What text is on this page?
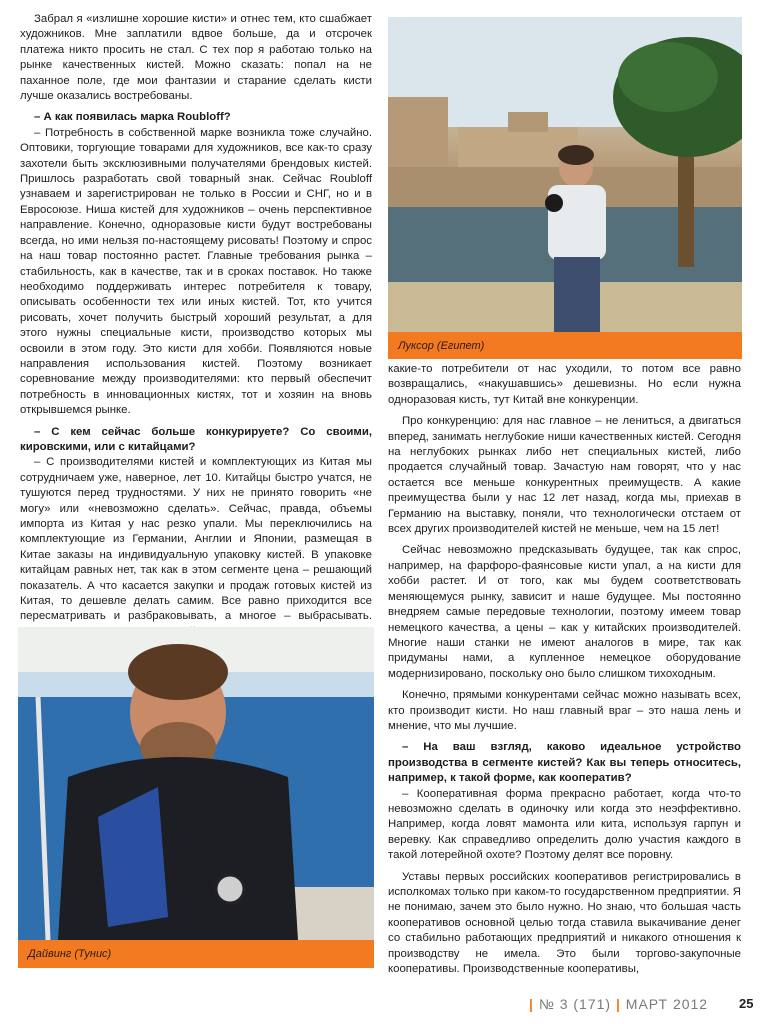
Забрал я «излишне хорошие кисти» и отнес тем, кто сшабжает художников. Мне заплатили вдвое больше, да и отсрочек платежа никто просить не стал. С тех пор я работаю только на рынке качественных кистей. Можно сказать: попал на не паханное поле, где мои фантазии и старание сделать кисти лучше оказались востребованы.

– А как появилась марка Roubloff?

– Потребность в собственной марке возникла тоже случайно. Оптовики, торгующие товарами для художников, все как-то сразу захотели быть эксклюзивными получателями брендовых кистей. Пришлось разработать свой товарный знак. Сейчас Roubloff узнаваем и зарегистрирован не только в России и СНГ, но и в Евросоюзе. Ниша кистей для художников – очень перспективное направление. Конечно, одноразовые кисти будут востребованы всегда, но ими нельзя по-настоящему рисовать! Поэтому и спрос на наш товар постоянно растет. Главные требования рынка – стабильность, как в качестве, так и в сроках поставок. Но также необходимо поддерживать интерес потребителя к товару, описывать особенности тех или иных кистей. Тот, кто учится рисовать, хочет получить быстрый хороший результат, а для этого нужны специальные кисти, производство которых мы освоили в этом году. Это кисти для хобби. Появляются новые направления использования кистей. Поэтому возникает соревнование между производителями: кто первый обеспечит потребность в инновационных кистях, тот и хозяин на вновь открывшемся рынке.

– С кем сейчас больше конкурируете? Со своими, кировскими, или с китайцами?

– С производителями кистей и комплектующих из Китая мы сотрудничаем уже, наверное, лет 10. Китайцы быстро учатся, не тушуются перед трудностями. У них не принято говорить «не могу» или «невозможно сделать». Сейчас, правда, объемы импорта из Китая у нас резко упали. Мы переключились на комплектующие из Германии, Англии и Японии, размещая в Китае заказы на индивидуальную упаковку кистей. В упаковке китайцам равных нет, так как в этом сегменте цена – решающий показатель. А что касается закупки и продаж готовых кистей из Китая, то дешевле делать самим. Все равно приходится все пересматривать и разбраковывать, а многое – выбрасывать.

Луксор (Египет)

какие-то потребители от нас уходили, то потом все равно возвращались, «накушавшись» дешевизны. Но если нужна одноразовая кисть, тут Китай вне конкуренции.

Про конкуренцию: для нас главное – не лениться, а двигаться вперед, занимать неглубокие ниши качественных кистей. Сегодня на неглубоких рынках либо нет специальных кистей, либо продается случайный товар. Зачастую нам говорят, что у нас остается все меньше конкурентных преимуществ. А какие преимущества были у нас 12 лет назад, когда мы, приехав в Германию на выставку, поняли, что технологически отстаем от всех других производителей кистей не меньше, чем на 15 лет!

Сейчас невозможно предсказывать будущее, так как спрос, например, на фарфоро-фаянсовые кисти упал, а на кисти для хобби растет. И от того, как мы будем соответствовать меняющемуся рынку, зависит и наше будущее. Мы постоянно внедряем самые передовые технологии, поэтому имеем товар немецкого качества, а цены – как у китайских производителей. Многие наши станки не имеют аналогов в мире, так как придуманы нами, а купленное немецкое оборудование модернизировано, поскольку оно было слишком тихоходным.

Конечно, прямыми конкурентами сейчас можно называть всех, кто производит кисти. Но наш главный враг – это наша лень и мнение, что мы лучшие.

– На ваш взгляд, каково идеальное устройство производства в сегменте кистей? Как вы теперь относитесь, например, к такой форме, как кооператив?

– Кооперативная форма прекрасно работает, когда что-то невозможно сделать в одиночку или когда это неэффективно. Например, когда ловят мамонта или кита, используя гарпун и веревку. Как справедливо определить долю участия каждого в такой лотерейной охоте? Поэтому делят все поровну.

Уставы первых российских кооперативов регистрировались в исполкомах только при каком-то государственном предприятии. Я не понимаю, зачем это было нужно. Но знаю, что большая часть кооперативов основной целью тогда ставила выкачивание денег со стабильно работающих предприятий и никакого отношения к производству не имела. Это были торгово-закупочные кооперативы. Производственные кооперативы,

Дайвинг (Тунис)
| № 3 (171) | МАРТ 2012 25
